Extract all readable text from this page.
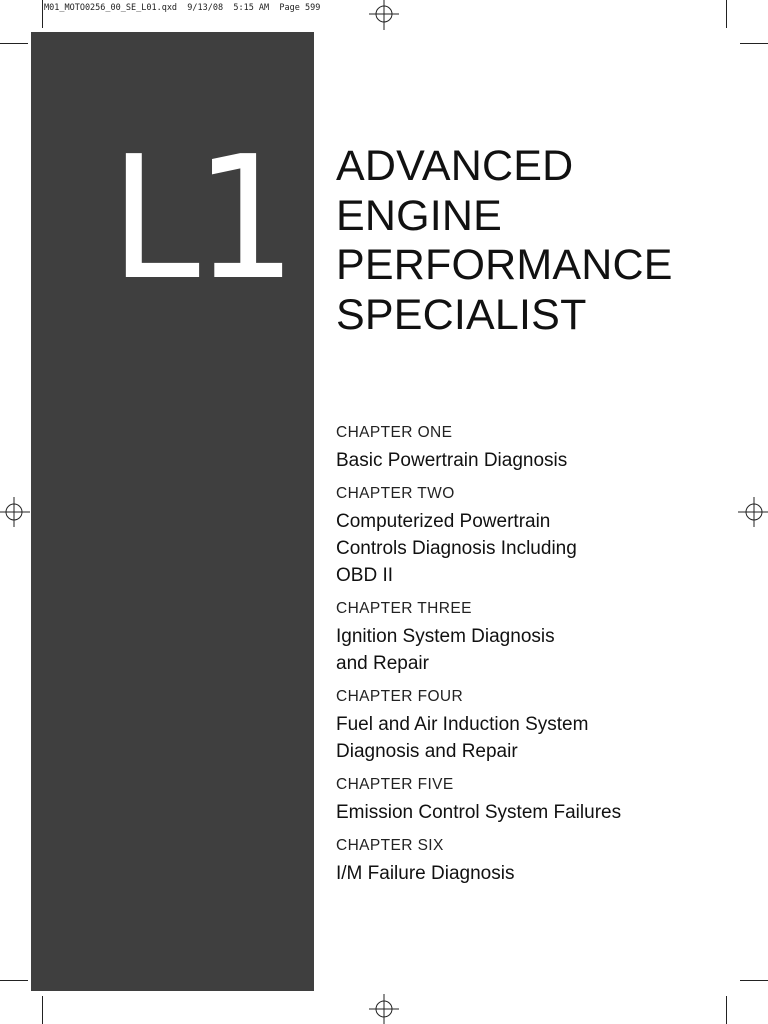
M01_MOTO0256_00_SE_L01.qxd  9/13/08  5:15 AM  Page 599
L1 ADVANCED
ENGINE
PERFORMANCE
SPECIALIST
CHAPTER ONE
Basic Powertrain Diagnosis
CHAPTER TWO
Computerized Powertrain
Controls Diagnosis Including
OBD II
CHAPTER THREE
Ignition System Diagnosis
and Repair
CHAPTER FOUR
Fuel and Air Induction System
Diagnosis and Repair
CHAPTER FIVE
Emission Control System Failures
CHAPTER SIX
I/M Failure Diagnosis
